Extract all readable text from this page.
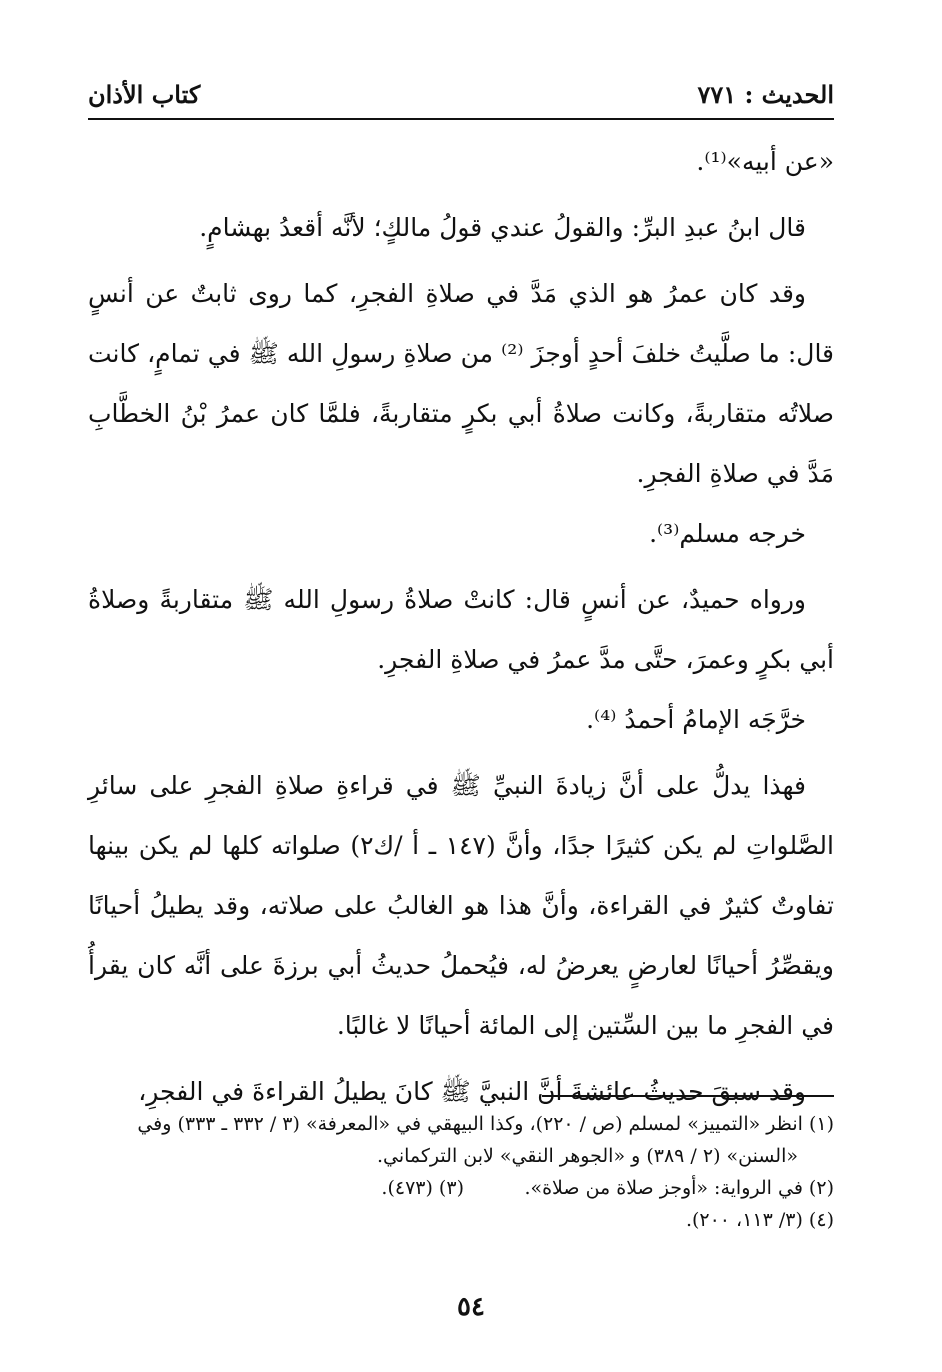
الحديث : ٧٧١
كتاب الأذان

«عن أبيه»⁽¹⁾.

قال ابنُ عبدِ البرِّ: والقولُ عندي قولُ مالكٍ؛ لأنَّه أقعدُ بهشامٍ.

وقد كان عمرُ هو الذي مَدَّ في صلاةِ الفجرِ، كما روى ثابتٌ عن أنسٍ قال: ما صلَّيتُ خلفَ أحدٍ أوجزَ ⁽²⁾ من صلاةِ رسولِ الله ﷺ في تمامٍ، كانت صلاتُه متقاربةً، وكانت صلاةُ أبي بكرٍ متقاربةً، فلمَّا كان عمرُ بْنُ الخطَّابِ مَدَّ في صلاةِ الفجرِ.

خرجه مسلم⁽³⁾.

ورواه حميدٌ، عن أنسٍ قال: كانتْ صلاةُ رسولِ الله ﷺ متقاربةً وصلاةُ أبي بكرٍ وعمرَ، حتَّى مدَّ عمرُ في صلاةِ الفجرِ.

خرَّجَه الإمامُ أحمدُ ⁽⁴⁾.

فهذا يدلُّ على أنَّ زيادةَ النبيِّ ﷺ في قراءةِ صلاةِ الفجرِ على سائرِ الصَّلواتِ لم يكن كثيرًا جدًا، وأنَّ (١٤٧ ـ أ /ك٢) صلواته كلها لم يكن بينها تفاوتٌ كثيرٌ في القراءة، وأنَّ هذا هو الغالبُ على صلاته، وقد يطيلُ أحيانًا ويقصِّرُ أحيانًا لعارضٍ يعرضُ له، فيُحملُ حديثُ أبي برزةَ على أنَّه كان يقرأُ في الفجرِ ما بين السِّتين إلى المائة أحيانًا لا غالبًا.

وقد سبقَ حديثُ عائشةَ أنَّ النبيَّ ﷺ كانَ يطيلُ القراءةَ في الفجرِ،

(١) انظر «التمييز» لمسلم (ص / ٢٢٠)، وكذا البيهقي في «المعرفة» (٣ / ٣٣٢ ـ ٣٣٣) وفي

«السنن» (٢ / ٣٨٩) و «الجوهر النقي» لابن التركماني.

(٢) في الرواية: «أوجز صلاة من صلاة».
(٣) (٤٧٣).

(٤) (٣/ ١١٣، ٢٠٠).

٥٤
